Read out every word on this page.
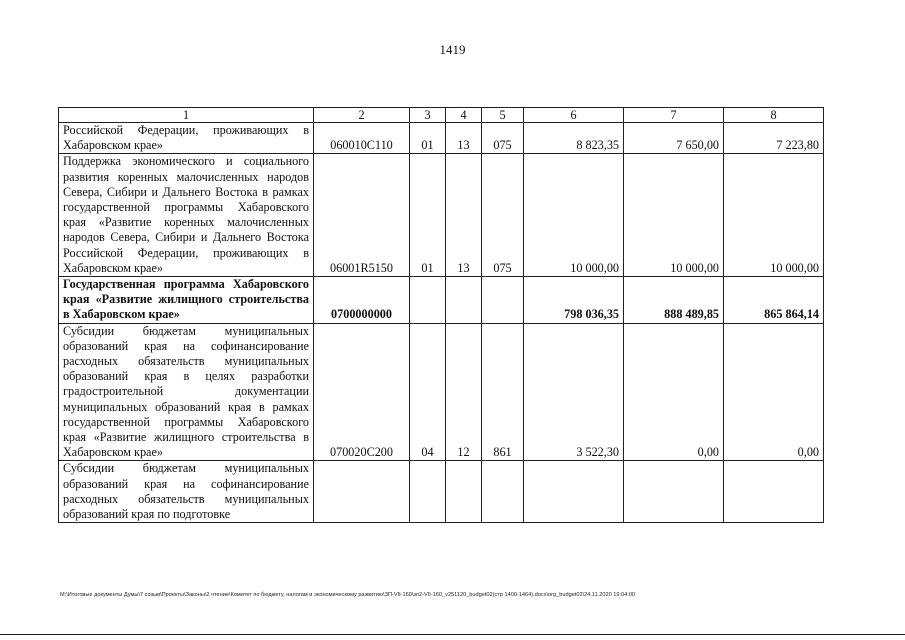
1419
1	2	3	4	5	6	7	8
Российской Федерации, проживающих в Хабаровском крае»	060010С110	01	13	075	8 823,35	7 650,00	7 223,80
Поддержка экономического и социального развития коренных малочисленных народов Севера, Сибири и Дальнего Востока в рамках государственной программы Хабаровского края «Развитие коренных малочисленных народов Севера, Сибири и Дальнего Востока Российской Федерации, проживающих в Хабаровском крае»	06001R5150	01	13	075	10 000,00	10 000,00	10 000,00
Государственная программа Хабаровского края «Развитие жилищного строительства в Хабаровском крае»	0700000000				798 036,35	888 489,85	865 864,14
Субсидии бюджетам муниципальных образований края на софинансирование расходных обязательств муниципальных образований края в целях разработки градостроительной документации муниципальных образований края в рамках государственной программы Хабаровского края «Развитие жилищного строительства в Хабаровском крае»	070020С200	04	12	861	3 522,30	0,00	0,00
Субсидии бюджетам муниципальных образований края на софинансирование расходных обязательств муниципальных образований края по подготовке							
М:\Итоговые документы Думы\7 созыв\Проекты\Законы\2 чтение\Комитет по бюджету, налогам и экономическому развитию\ЗП-VII-160\зп2-VII-160_v251120_budget02(стр 1400-1464).docx\org_budget02\24.11.2020 19:04:00
